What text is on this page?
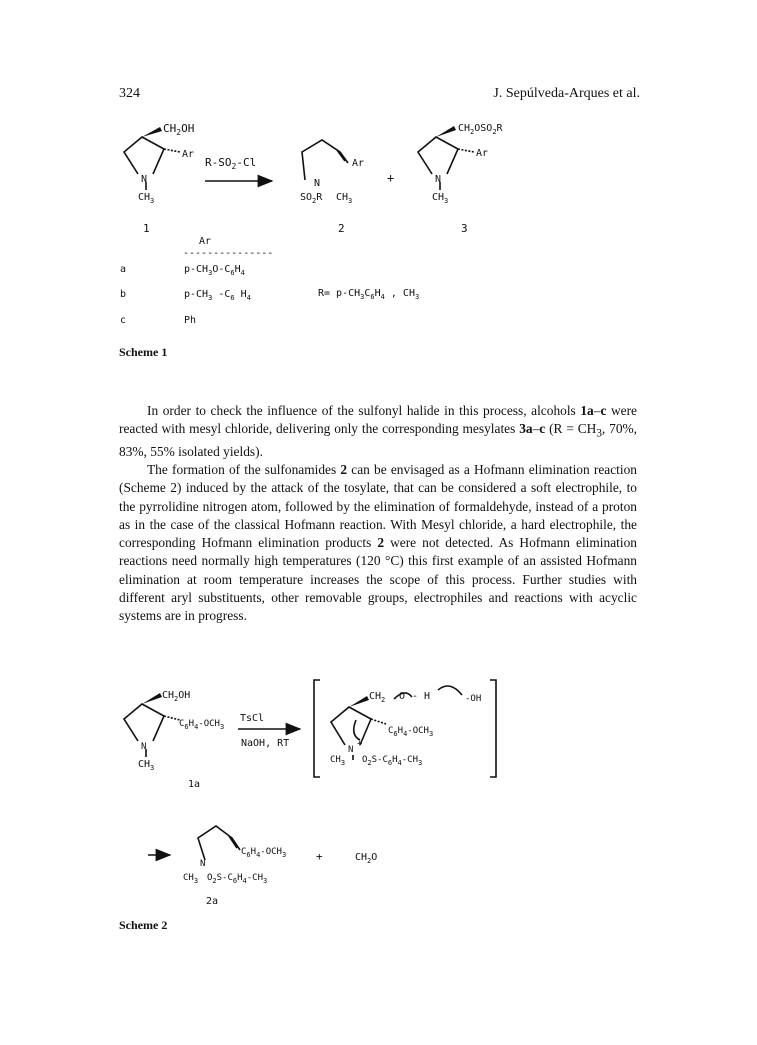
324	J. Sepúlveda-Arques et al.
$CH_2OH$
Ar
N
$CH_3$
1
$R-SO_2-Cl$	Ar
N
$SO_2R$ $CH_3$
2
+
$CH_2OSO_2R$
Ar
N
$CH_3$
3
Ar
---------------
a	$p-CH_3O-C_6H_4$
b	$p-CH_3$ $-C_6$ $H_4$
c	Ph
$R= p-CH_3C_6H_4$ , $CH_3$
$CH_2OH$
$C_6H_4-OCH_3$
N
$CH_3$
1a
TsCl
NaOH, RT
$CH_2$ O - H	-OH
$C_6H_4-OCH_3$
N
+
$CH_3$ $O_2S-C_6H_4-CH_3$
$C_6H_4-OCH_3$
N
$CH_3$ $O_2S-C_6H_4-CH_3$
+	$CH_2O$
2a
Scheme 1

In order to check the influence of the sulfonyl halide in this process, alcohols 1a–c were reacted with mesyl chloride, delivering only the corresponding mesylates 3a–c ($R = CH_3$, 70%, 83%, 55% isolated yields).

The formation of the sulfonamides 2 can be envisaged as a Hofmann elimination reaction (Scheme 2) induced by the attack of the tosylate, that can be considered a soft electrophile, to the pyrrolidine nitrogen atom, followed by the elimination of formaldehyde, instead of a proton as in the case of the classical Hofmann reaction. With Mesyl chloride, a hard electrophile, the corresponding Hofmann elimination products 2 were not detected. As Hofmann elimination reactions need normally high temperatures (120 °C) this first example of an assisted Hofmann elimination at room temperature increases the scope of this process. Further studies with different aryl substituents, other removable groups, electrophiles and reactions with acyclic systems are in progress.

Scheme 2
